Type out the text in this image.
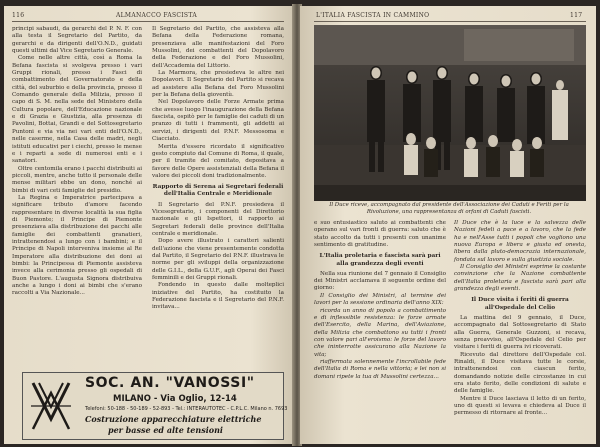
116	ALMANACCO FASCISTA

principi sabaudi, da gerarchi del P. N. F. con alla testa il Segretario del Partito, da gerarchi e da dirigenti dell'O.N.D., guidati questi ultimi dal Vice Segretario Generale.

Come nelle altre città, così a Roma la Befana fascista si svolgeva presso i vari Gruppi rionali, presso i Fasci di combattimento del Governatorato e della città, del suburbio e della provincia, presso il Comando generale della Milizia, presso il capo di S. M. nella sede del Ministero della Cultura popolare, dell'Educazione nazionale e di Grazia e Giustizia, alla presenza di Pavolini, Bottai, Grandi e del Sottosegretario Puntoni e via via nei vari enti dell'O.N.D., nelle caserme, nella Casa delle madri, negli istituti educativi per i ciechi, presso le mense e i reparti a sede di numerosi enti e i sanatori.

Oltre centomila erano i pacchi distribuiti ai piccoli, mentre, anche tutto il personale delle mense militari ebbe un dono, nonché ai bimbi di vari ceti famiglie del presidio.

La Regina e Imperatrice partecipava a significare tributo d'amore facendo rappresentare in diverse località la sua figlia di Piemonte; il Principe di Piemonte presenziava alla distribuzione dei pacchi alle famiglie dei combattenti granatieri, intrattenendosi a lungo con i bambini; e il Principe di Napoli interveniva insieme al Re Imperatore alla distribuzione dei doni ai bimbi: la Principessa di Piemonte assisteva invece alla cerimonia presso gli ospedali di Buon Pastore. L'augusta Signora distribuiva anche a lungo i doni ai bimbi che s'erano raccolti a Via Nazionale...

Il Segretario del Partito, che assisteva alla Befana della Federazione romana, presenziava alle manifestazioni del Foro Mussolini, dei combattenti del Dopolavoro della Federazione e del Foro Mussolini, dell'Accademia del Littorio.

La Marmora, che presiedeva le altre nei Dopolavori. Il Segretario del Partito si recava ad assistere alla Befana del Foro Mussolini per la Befana della gioventù.

Nel Dopolavoro delle Forze Armate prima che avesse luogo l'inaugurazione della Befana fascista, ospitò per le famiglie dei caduti di un pranzo di tutti i frammenti, gli addetti ai servizi, i dirigenti del P.N.F. Messosoma e Ciacciato.

Merita d'essere ricordato il significativo gesto compiuto dal Comune di Roma, il quale, per il tramite del comitato, depositava a favore delle Opere assistenziali della Befana il valore dei piccoli doni tradizionalmente.

Rapporto di Serena ai Segretari federali dell'Italia Centrale e Meridionale

Il Segretario del P.N.F. presiedeva il Vicesegretario, i componenti del Direttorio nazionale e gli Ispettori, il rapporto ai Segretari federali delle province dell'Italia centrale e meridionale.

Dopo avere illustrato i caratteri salienti dell'azione che viene presentemente condotta dal Partito, il Segretario del P.N.F. illustrava le norme per gli sviluppi della organizzazione delle G.I.L., della G.U.F., agli Operai dei Fasci femminili e dei Gruppi rionali.

Fondendo in questo dalle molteplici iniziative del Partito, ha costituito la Federazione fascista e il Segretario del P.N.F. invitava...

SOC. AN. "VANOSSI"
MILANO - Via Oglio, 12-14
Telefoni: 50-188 - 50-189 - 52-893 - Tel.: INTERAUTOTEC - C.P.L.C. Milano n. 7693
Costruzione apparecchiature elettriche
per basse ed alte tensioni
L'ITALIA FASCISTA IN CAMMINO	117
Il Duce riceve, accompagnato dal presidente dell'Associazione dei Caduti e Feriti per la Rivoluzione, una rappresentanza di orfani di Caduti fascisti.

e suo entusiastico saluto ai combattenti che operano sul vari fronti di guerra: saluto che è stato accolto da tutti i presenti con unanime sentimento di gratitudine.

L'Italia proletaria e fascista sarà pari alla grandezza degli eventi

Nella sua riunione del 7 gennaio il Consiglio dei Ministri acclamava il seguente ordine del giorno:

Il Consiglio dei Ministri, al termine dei lavori per la sessione ordinaria dell'anno XIX:

ricorda un anno di popolo a combattimento e di inflessibile resistenza: le forze armate dell'Esercito, della Marina, dell'Aviazione, della Milizia che combattono su tutti i fronti con valore pari all'eroismo: le forze del lavoro che ininterrotte assicurano alla Nazione la vita;

riaffermata solennemente l'incrollabile fede dell'Italia di Roma e nella vittoria; e lei non si domani ripete la tua di Mussolini certezza...

Il Duce che è la luce e la salvezza delle Nazioni fedeli a pace e a lavoro, che la fede ha e nell'Asse tutti i popoli che vogliono una nuova Europa e libera e giusta ed onesta, libera dalla pluto-democrazia internazionale, fondata sul lavoro e sulla giustizia sociale.

Il Consiglio dei Ministri esprime la costante convinzione che la Nazione combattente dell'Italia proletaria e fascista sarà pari alla grandezza degli eventi.

Il Duce visita i feriti di guerra all'Ospedale del Celio

La mattina del 9 gennaio, il Duce, accompagnato dal Sottosegretario di Stato alla Guerra, Generale Guzzoni, si recava, senza preavviso, all'Ospedale del Celio per visitare i feriti di guerra ivi ricoverati.

Ricevuto dal direttore dell'Ospedale col. Rinaldi, il Duce visitava tutte le corsie, intrattenendosi con ciascun ferito, domandando notizie delle circostanze in cui era stato ferito, delle condizioni di salute e delle famiglie.

Mentre il Duce lasciava il letto di un ferito, uno di questi si levava e chiedeva al Duce il permesso di ritornare al fronte...
